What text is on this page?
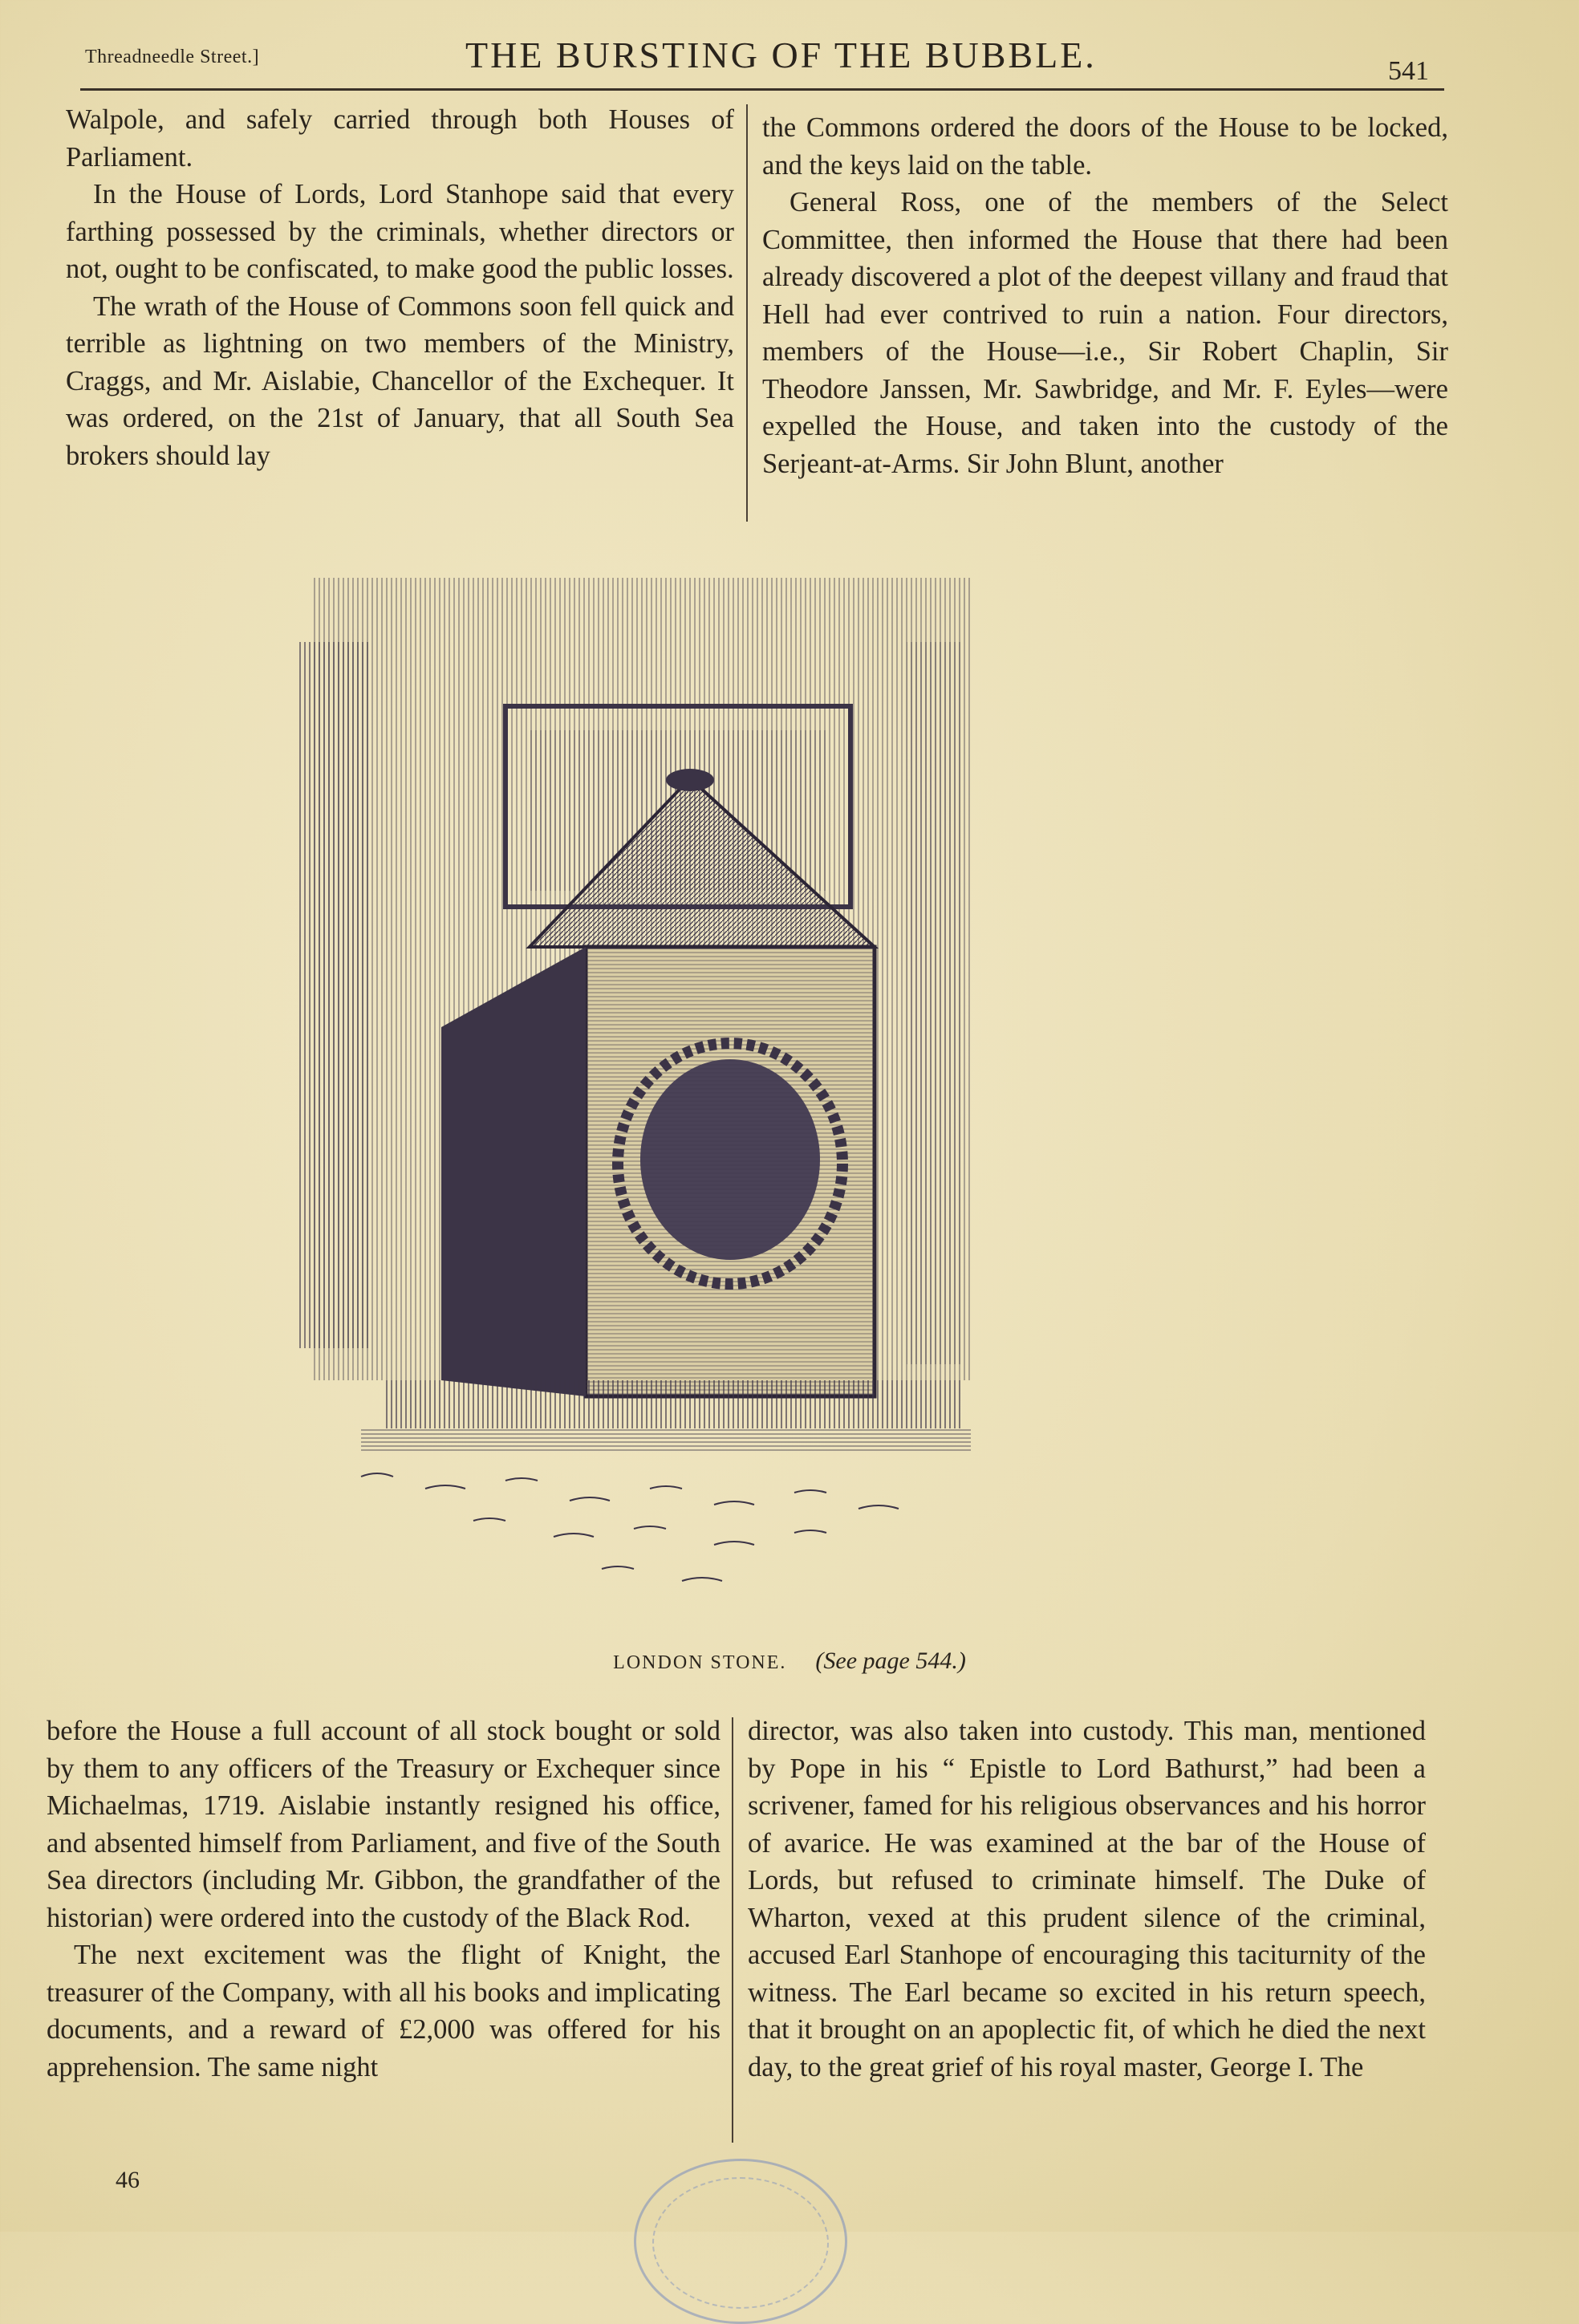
Threadneedle Street.]	THE BURSTING OF THE BUBBLE.	541

Walpole, and safely carried through both Houses of Parliament.

In the House of Lords, Lord Stanhope said that every farthing possessed by the criminals, whether directors or not, ought to be confiscated, to make good the public losses.

The wrath of the House of Commons soon fell quick and terrible as lightning on two members of the Ministry, Craggs, and Mr. Aislabie, Chancellor of the Exchequer. It was ordered, on the 21st of January, that all South Sea brokers should lay

the Commons ordered the doors of the House to be locked, and the keys laid on the table.

General Ross, one of the members of the Select Committee, then informed the House that there had been already discovered a plot of the deepest villany and fraud that Hell had ever contrived to ruin a nation. Four directors, members of the House—i.e., Sir Robert Chaplin, Sir Theodore Janssen, Mr. Sawbridge, and Mr. F. Eyles—were expelled the House, and taken into the custody of the Serjeant-at-Arms. Sir John Blunt, another

LONDON STONE. (See page 544.)

before the House a full account of all stock bought or sold by them to any officers of the Treasury or Exchequer since Michaelmas, 1719. Aislabie instantly resigned his office, and absented himself from Parliament, and five of the South Sea directors (including Mr. Gibbon, the grandfather of the historian) were ordered into the custody of the Black Rod.

The next excitement was the flight of Knight, the treasurer of the Company, with all his books and implicating documents, and a reward of £2,000 was offered for his apprehension. The same night

director, was also taken into custody. This man, mentioned by Pope in his “ Epistle to Lord Bathurst,” had been a scrivener, famed for his religious observances and his horror of avarice. He was examined at the bar of the House of Lords, but refused to criminate himself. The Duke of Wharton, vexed at this prudent silence of the criminal, accused Earl Stanhope of encouraging this taciturnity of the witness. The Earl became so excited in his return speech, that it brought on an apoplectic fit, of which he died the next day, to the great grief of his royal master, George I. The

46
